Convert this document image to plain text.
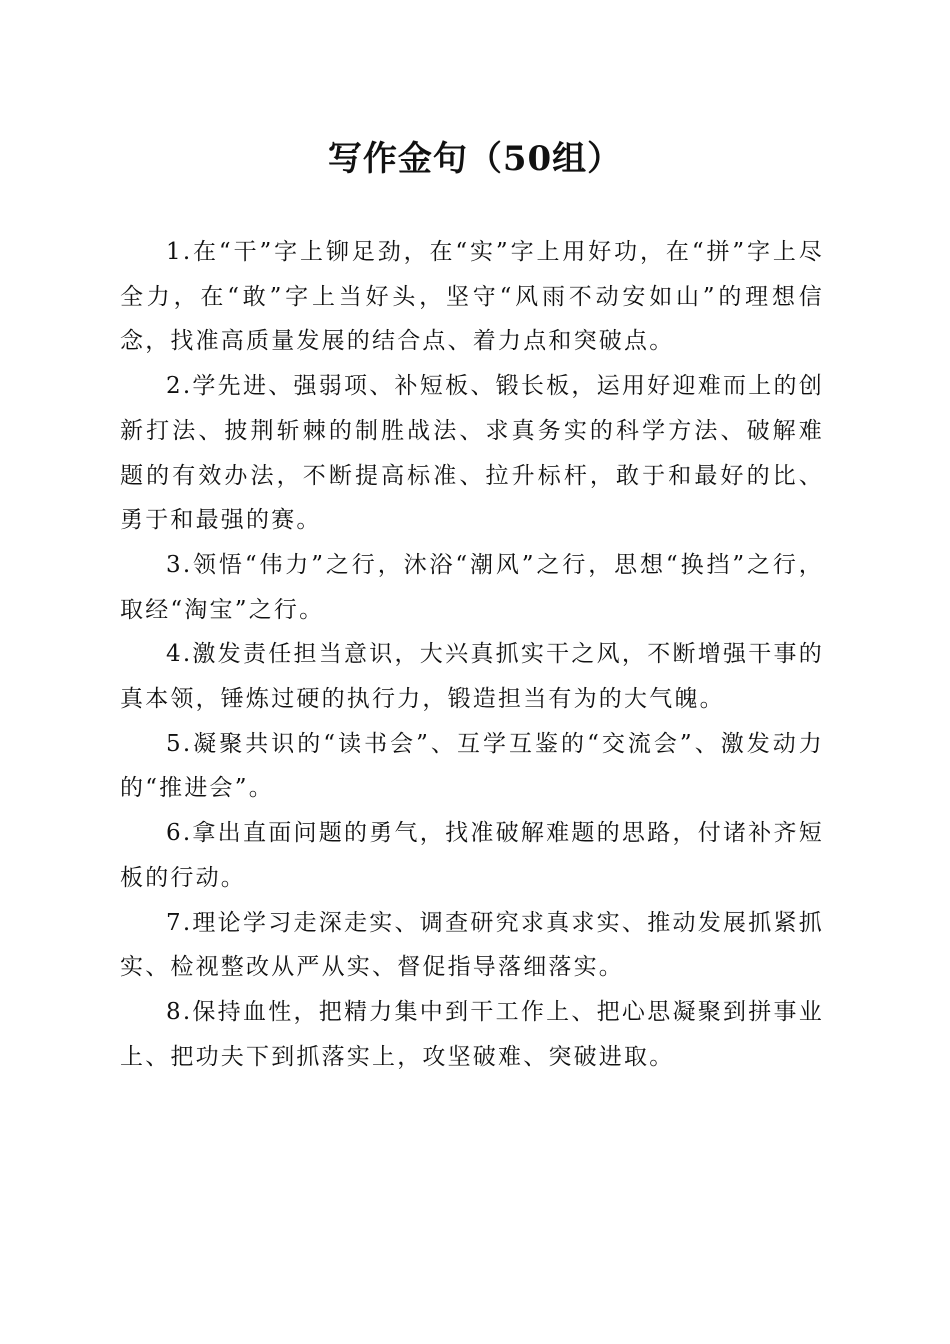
写作金句（50组）

1.在“干”字上铆足劲，在“实”字上用好功，在“拼”字上尽全力，在“敢”字上当好头，坚守“风雨不动安如山”的理想信念，找准高质量发展的结合点、着力点和突破点。

2.学先进、强弱项、补短板、锻长板，运用好迎难而上的创新打法、披荆斩棘的制胜战法、求真务实的科学方法、破解难题的有效办法，不断提高标准、拉升标杆，敢于和最好的比、勇于和最强的赛。

3.领悟“伟力”之行，沐浴“潮风”之行，思想“换挡”之行，取经“淘宝”之行。

4.激发责任担当意识，大兴真抓实干之风，不断增强干事的真本领，锤炼过硬的执行力，锻造担当有为的大气魄。

5.凝聚共识的“读书会”、互学互鉴的“交流会”、激发动力的“推进会”。

6.拿出直面问题的勇气，找准破解难题的思路，付诸补齐短板的行动。

7.理论学习走深走实、调查研究求真求实、推动发展抓紧抓实、检视整改从严从实、督促指导落细落实。

8.保持血性，把精力集中到干工作上、把心思凝聚到拼事业上、把功夫下到抓落实上，攻坚破难、突破进取。
